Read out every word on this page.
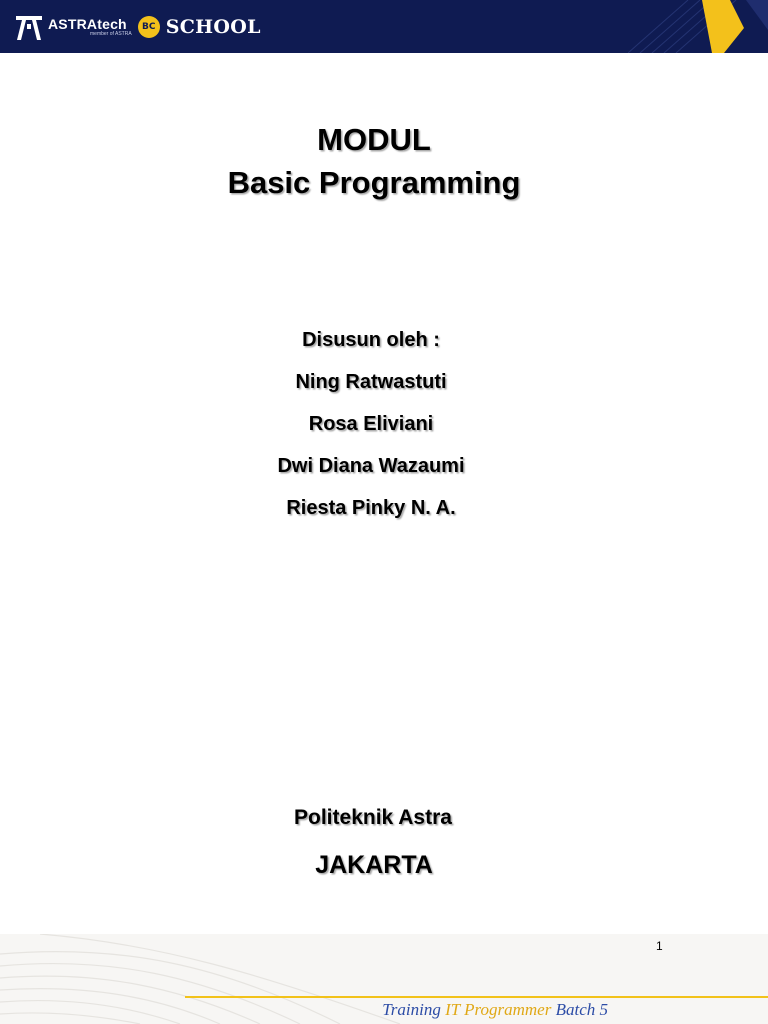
ASTRAtech
member of ASTRA
BC SCHOOL
MODUL
Basic Programming
Disusun oleh :
Ning Ratwastuti
Rosa Eliviani
Dwi Diana Wazaumi
Riesta Pinky N. A.
Politeknik Astra
JAKARTA
1
Training IT Programmer Batch 5
